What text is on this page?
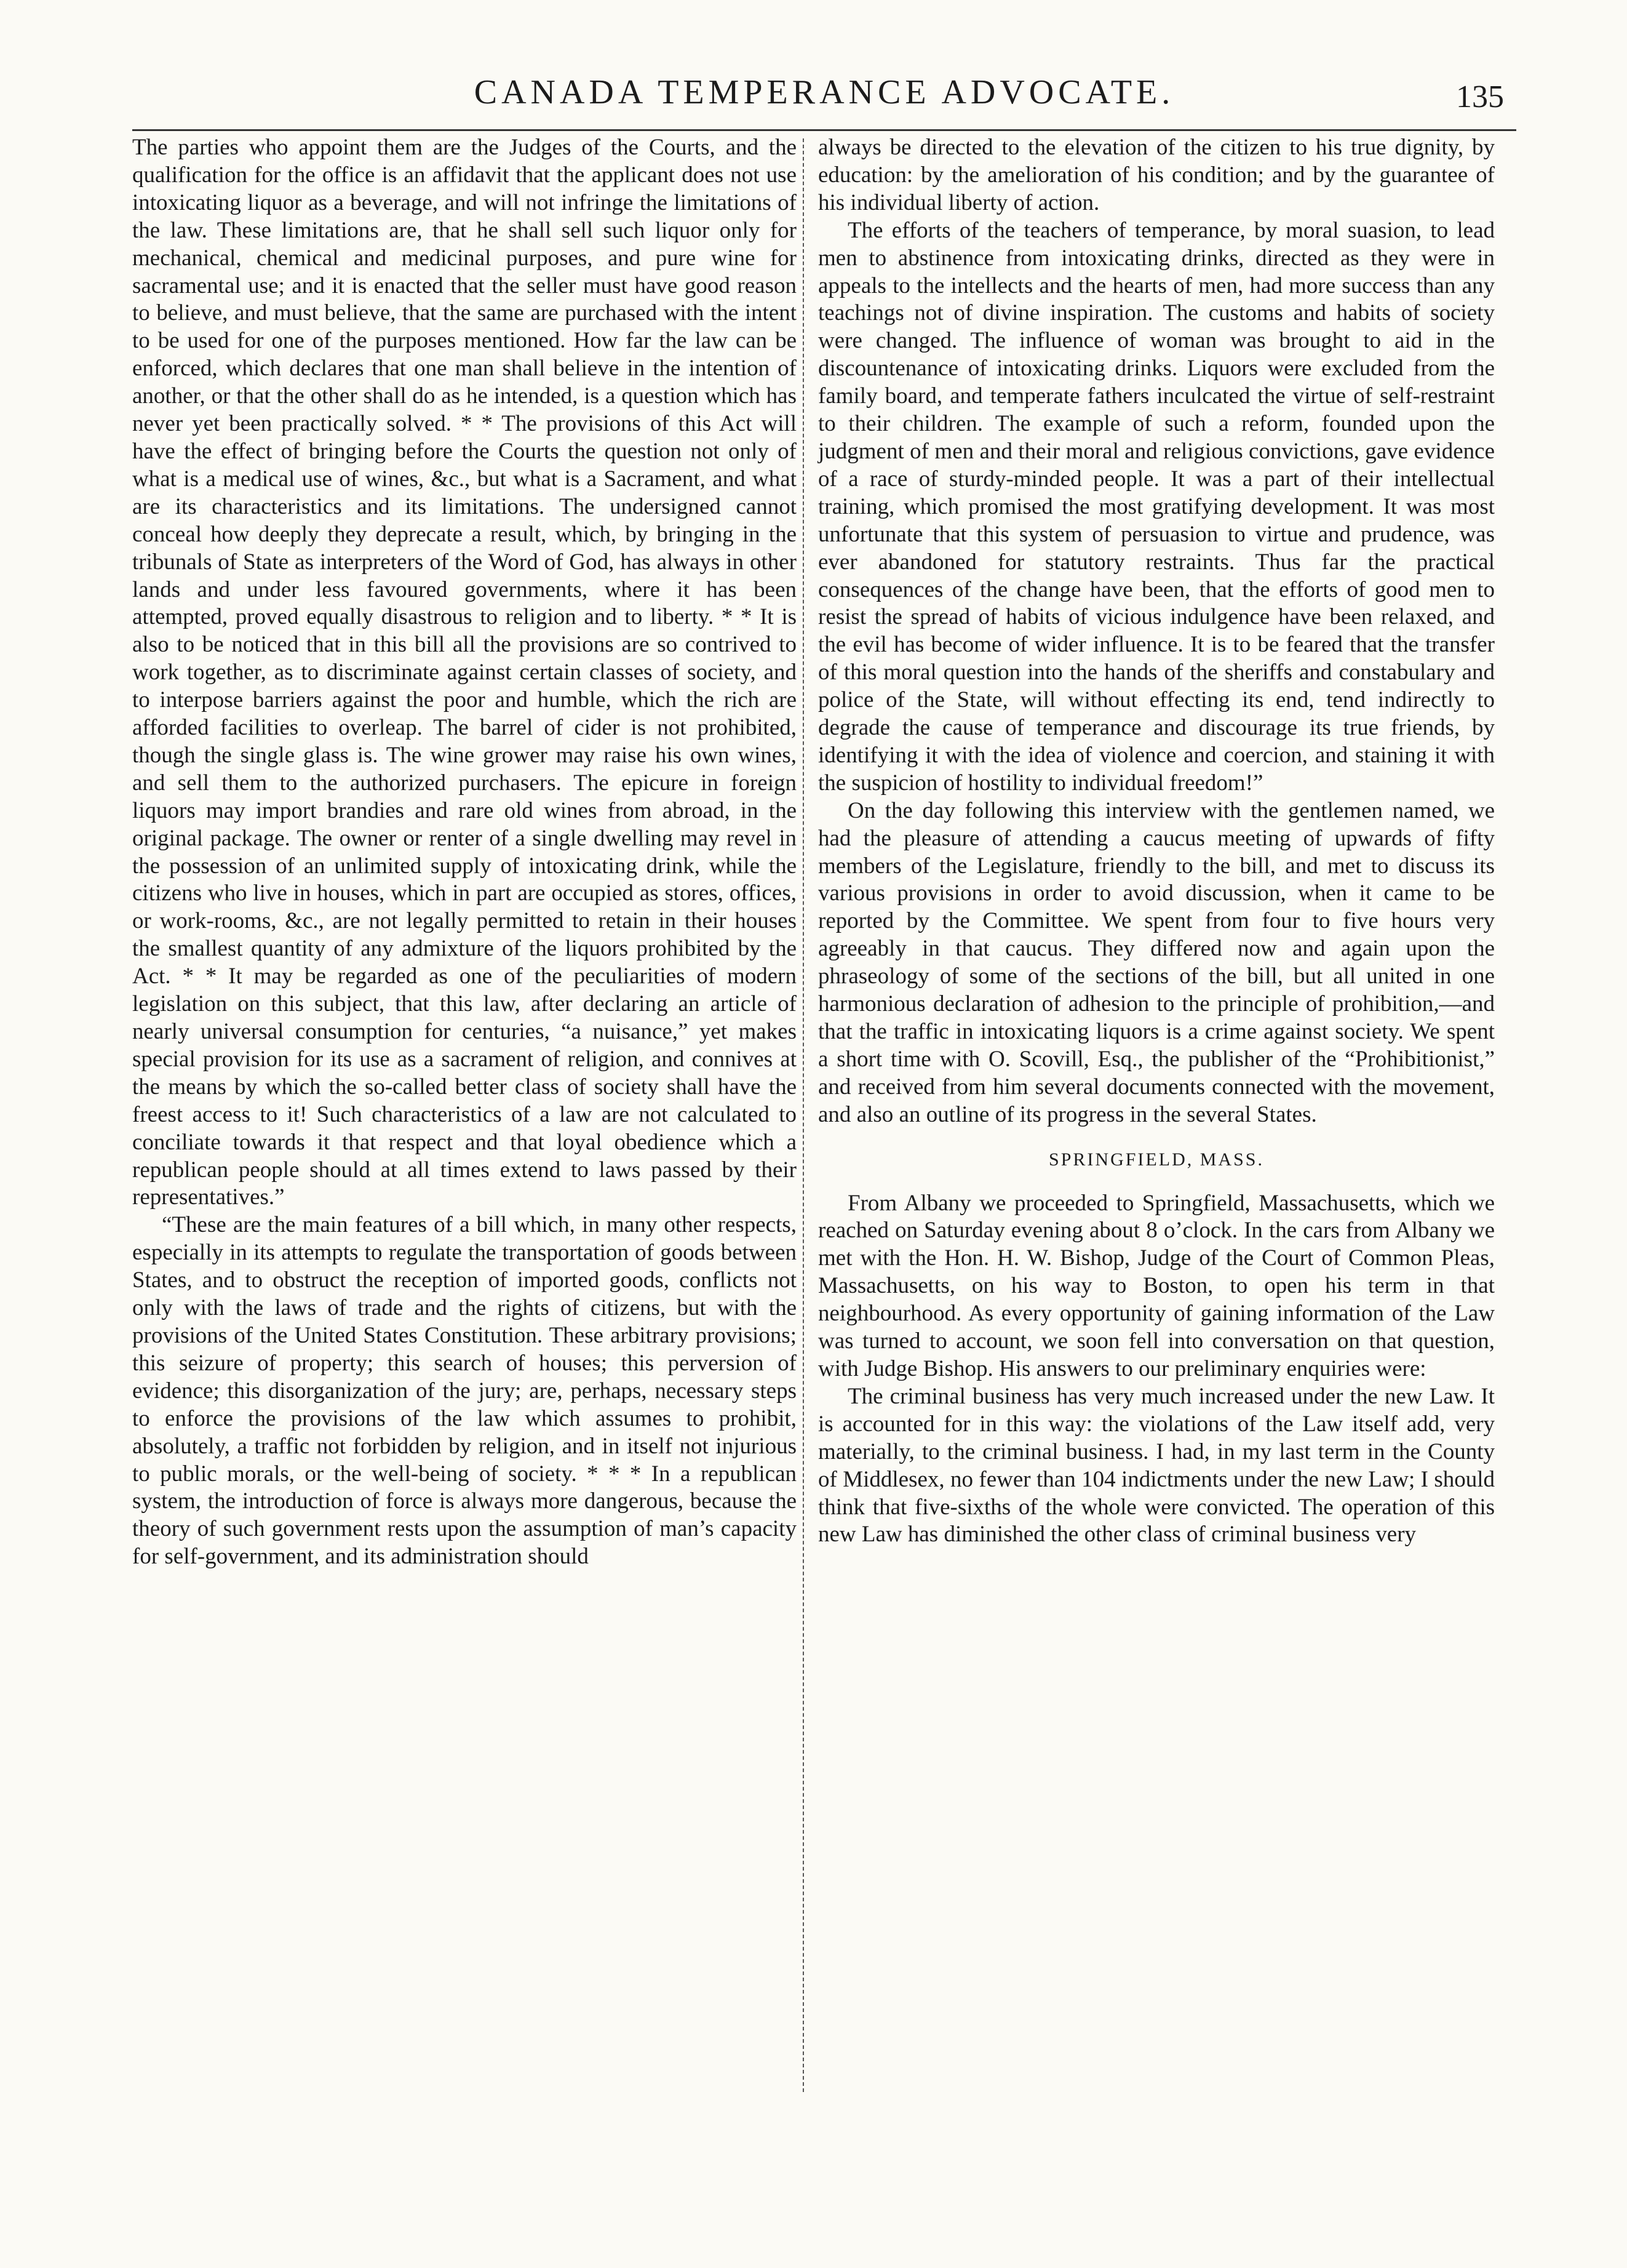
CANADA TEMPERANCE ADVOCATE.	135

The parties who appoint them are the Judges of the Courts, and the qualification for the office is an affidavit that the applicant does not use intoxicating liquor as a beverage, and will not infringe the limitations of the law. These limitations are, that he shall sell such liquor only for mechanical, chemical and medicinal purposes, and pure wine for sacramental use; and it is enacted that the seller must have good reason to believe, and must believe, that the same are purchased with the intent to be used for one of the purposes mentioned. How far the law can be enforced, which declares that one man shall believe in the intention of another, or that the other shall do as he intended, is a question which has never yet been practically solved. * * The provisions of this Act will have the effect of bringing before the Courts the question not only of what is a medical use of wines, &c., but what is a Sacrament, and what are its characteristics and its limitations. The undersigned cannot conceal how deeply they deprecate a result, which, by bringing in the tribunals of State as interpreters of the Word of God, has always in other lands and under less favoured governments, where it has been attempted, proved equally disastrous to religion and to liberty. * * It is also to be noticed that in this bill all the provisions are so contrived to work together, as to discriminate against certain classes of society, and to interpose barriers against the poor and humble, which the rich are afforded facilities to overleap. The barrel of cider is not prohibited, though the single glass is. The wine grower may raise his own wines, and sell them to the authorized purchasers. The epicure in foreign liquors may import brandies and rare old wines from abroad, in the original package. The owner or renter of a single dwelling may revel in the possession of an unlimited supply of intoxicating drink, while the citizens who live in houses, which in part are occupied as stores, offices, or work-rooms, &c., are not legally permitted to retain in their houses the smallest quantity of any admixture of the liquors prohibited by the Act. * * It may be regarded as one of the peculiarities of modern legislation on this subject, that this law, after declaring an article of nearly universal consumption for centuries, “a nuisance,” yet makes special provision for its use as a sacrament of religion, and connives at the means by which the so-called better class of society shall have the freest access to it! Such characteristics of a law are not calculated to conciliate towards it that respect and that loyal obedience which a republican people should at all times extend to laws passed by their representatives.”

“These are the main features of a bill which, in many other respects, especially in its attempts to regulate the transportation of goods between States, and to obstruct the reception of imported goods, conflicts not only with the laws of trade and the rights of citizens, but with the provisions of the United States Constitution. These arbitrary provisions; this seizure of property; this search of houses; this perversion of evidence; this disorganization of the jury; are, perhaps, necessary steps to enforce the provisions of the law which assumes to prohibit, absolutely, a traffic not forbidden by religion, and in itself not injurious to public morals, or the well-being of society. * * * In a republican system, the introduction of force is always more dangerous, because the theory of such government rests upon the assumption of man’s capacity for self-government, and its administration should

always be directed to the elevation of the citizen to his true dignity, by education: by the amelioration of his condition; and by the guarantee of his individual liberty of action.

The efforts of the teachers of temperance, by moral suasion, to lead men to abstinence from intoxicating drinks, directed as they were in appeals to the intellects and the hearts of men, had more success than any teachings not of divine inspiration. The customs and habits of society were changed. The influence of woman was brought to aid in the discountenance of intoxicating drinks. Liquors were excluded from the family board, and temperate fathers inculcated the virtue of self-restraint to their children. The example of such a reform, founded upon the judgment of men and their moral and religious convictions, gave evidence of a race of sturdy-minded people. It was a part of their intellectual training, which promised the most gratifying development. It was most unfortunate that this system of persuasion to virtue and prudence, was ever abandoned for statutory restraints. Thus far the practical consequences of the change have been, that the efforts of good men to resist the spread of habits of vicious indulgence have been relaxed, and the evil has become of wider influence. It is to be feared that the transfer of this moral question into the hands of the sheriffs and constabulary and police of the State, will without effecting its end, tend indirectly to degrade the cause of temperance and discourage its true friends, by identifying it with the idea of violence and coercion, and staining it with the suspicion of hostility to individual freedom!”

On the day following this interview with the gentlemen named, we had the pleasure of attending a caucus meeting of upwards of fifty members of the Legislature, friendly to the bill, and met to discuss its various provisions in order to avoid discussion, when it came to be reported by the Committee. We spent from four to five hours very agreeably in that caucus. They differed now and again upon the phraseology of some of the sections of the bill, but all united in one harmonious declaration of adhesion to the principle of prohibition,—and that the traffic in intoxicating liquors is a crime against society. We spent a short time with O. Scovill, Esq., the publisher of the “Prohibitionist,” and received from him several documents connected with the movement, and also an outline of its progress in the several States.

SPRINGFIELD, MASS.

From Albany we proceeded to Springfield, Massachusetts, which we reached on Saturday evening about 8 o’clock. In the cars from Albany we met with the Hon. H. W. Bishop, Judge of the Court of Common Pleas, Massachusetts, on his way to Boston, to open his term in that neighbourhood. As every opportunity of gaining information of the Law was turned to account, we soon fell into conversation on that question, with Judge Bishop. His answers to our preliminary enquiries were:

The criminal business has very much increased under the new Law. It is accounted for in this way: the violations of the Law itself add, very materially, to the criminal business. I had, in my last term in the County of Middlesex, no fewer than 104 indictments under the new Law; I should think that five-sixths of the whole were convicted. The operation of this new Law has diminished the other class of criminal business very
